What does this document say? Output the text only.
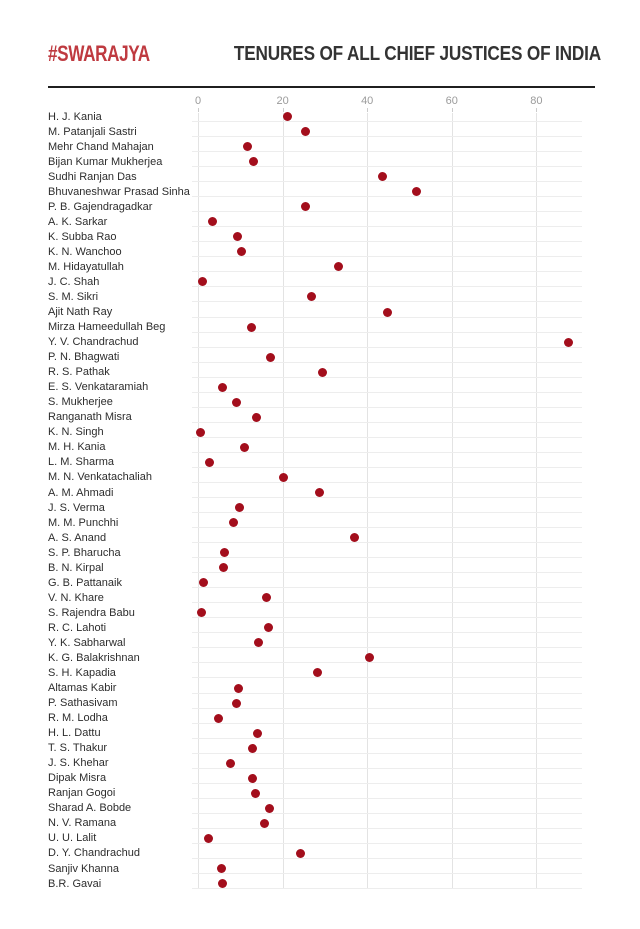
#SWARAJYA	TENURES OF ALL CHIEF JUSTICES OF INDIA
0	20	40	60	80
H. J. Kania
M. Patanjali Sastri
Mehr Chand Mahajan
Bijan Kumar Mukherjea
Sudhi Ranjan Das
Bhuvaneshwar Prasad Sinha
P. B. Gajendragadkar
A. K. Sarkar
K. Subba Rao
K. N. Wanchoo
M. Hidayatullah
J. C. Shah
S. M. Sikri
Ajit Nath Ray
Mirza Hameedullah Beg
Y. V. Chandrachud
P. N. Bhagwati
R. S. Pathak
E. S. Venkataramiah
S. Mukherjee
Ranganath Misra
K. N. Singh
M. H. Kania
L. M. Sharma
M. N. Venkatachaliah
A. M. Ahmadi
J. S. Verma
M. M. Punchhi
A. S. Anand
S. P. Bharucha
B. N. Kirpal
G. B. Pattanaik
V. N. Khare
S. Rajendra Babu
R. C. Lahoti
Y. K. Sabharwal
K. G. Balakrishnan
S. H. Kapadia
Altamas Kabir
P. Sathasivam
R. M. Lodha
H. L. Dattu
T. S. Thakur
J. S. Khehar
Dipak Misra
Ranjan Gogoi
Sharad A. Bobde
N. V. Ramana
U. U. Lalit
D. Y. Chandrachud
Sanjiv Khanna
B.R. Gavai
